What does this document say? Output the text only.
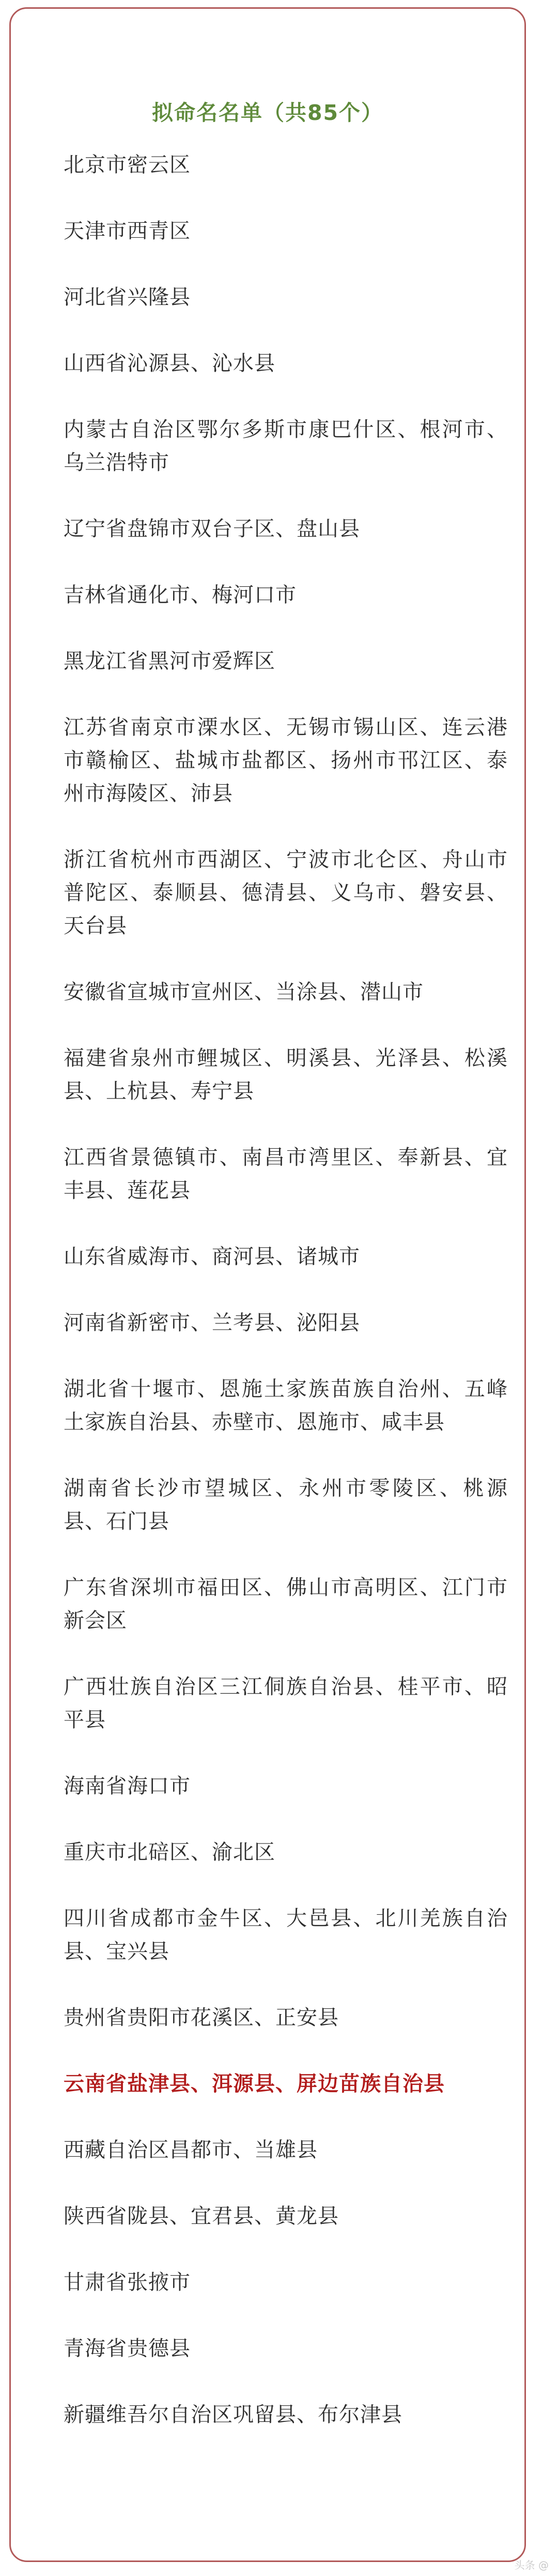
拟命名名单（共85个）
北京市密云区
天津市西青区
河北省兴隆县
山西省沁源县、沁水县
内蒙古自治区鄂尔多斯市康巴什区、根河市、乌兰浩特市
辽宁省盘锦市双台子区、盘山县
吉林省通化市、梅河口市
黑龙江省黑河市爱辉区
江苏省南京市溧水区、无锡市锡山区、连云港市赣榆区、盐城市盐都区、扬州市邗江区、泰州市海陵区、沛县
浙江省杭州市西湖区、宁波市北仑区、舟山市普陀区、泰顺县、德清县、义乌市、磐安县、天台县
安徽省宣城市宣州区、当涂县、潜山市
福建省泉州市鲤城区、明溪县、光泽县、松溪县、上杭县、寿宁县
江西省景德镇市、南昌市湾里区、奉新县、宜丰县、莲花县
山东省威海市、商河县、诸城市
河南省新密市、兰考县、泌阳县
湖北省十堰市、恩施土家族苗族自治州、五峰土家族自治县、赤壁市、恩施市、咸丰县
湖南省长沙市望城区、永州市零陵区、桃源县、石门县
广东省深圳市福田区、佛山市高明区、江门市新会区
广西壮族自治区三江侗族自治县、桂平市、昭平县
海南省海口市
重庆市北碚区、渝北区
四川省成都市金牛区、大邑县、北川羌族自治县、宝兴县
贵州省贵阳市花溪区、正安县
云南省盐津县、洱源县、屏边苗族自治县
西藏自治区昌都市、当雄县
陕西省陇县、宜君县、黄龙县
甘肃省张掖市
青海省贵德县
新疆维吾尔自治区巩留县、布尔津县
头条 @
